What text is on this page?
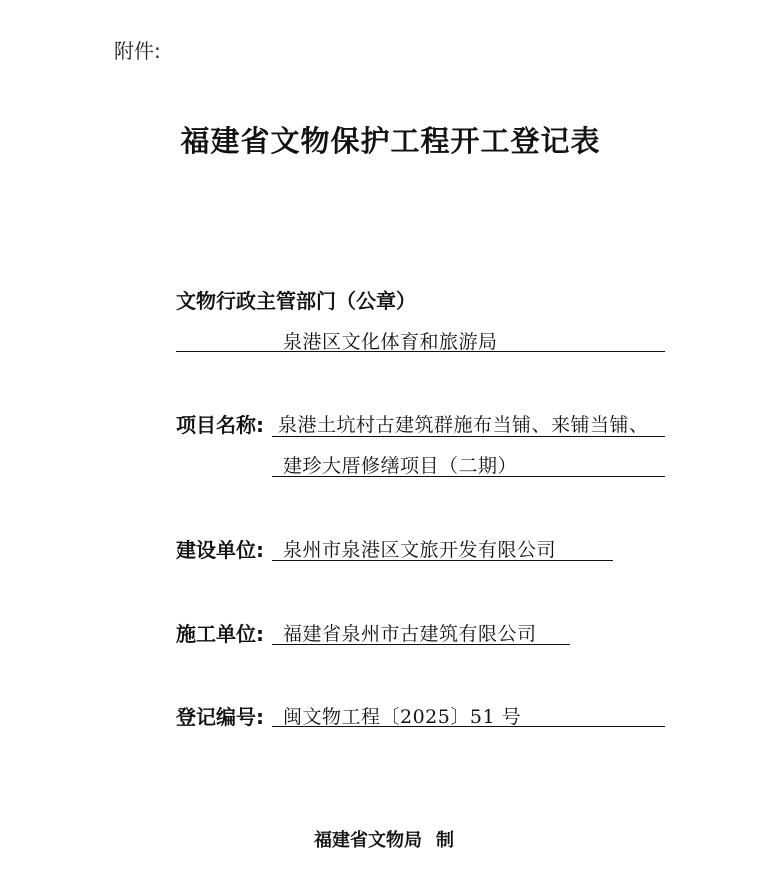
附件:
福建省文物保护工程开工登记表
文物行政主管部门（公章）
泉港区文化体育和旅游局
项目名称: 泉港土坑村古建筑群施布当铺、来铺当铺、
建珍大厝修缮项目（二期）
建设单位: 泉州市泉港区文旅开发有限公司
施工单位: 福建省泉州市古建筑有限公司
登记编号: 闽文物工程〔2025〕51 号
福建省文物局 制
